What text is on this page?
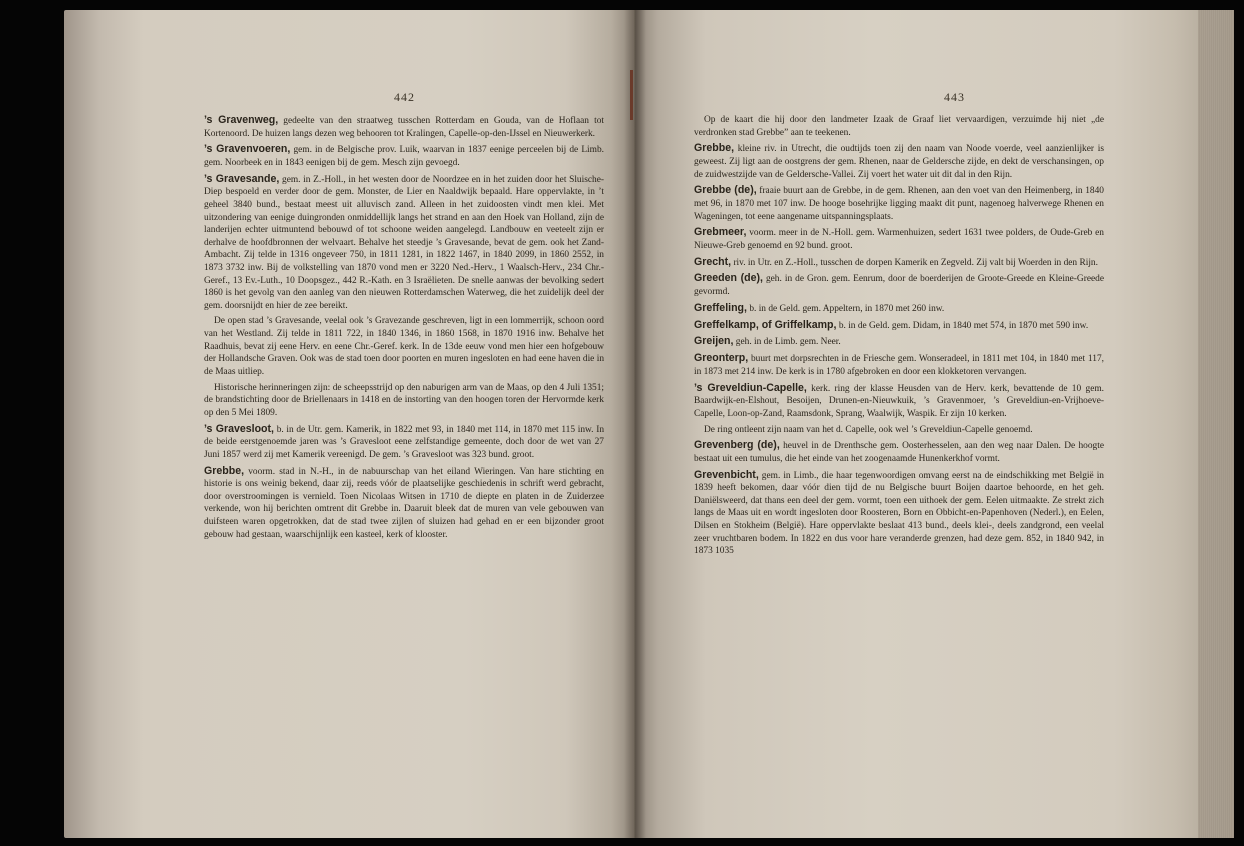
442

’s Gravenweg, gedeelte van den straatweg tusschen Rotterdam en Gouda, van de Hoflaan tot Kortenoord. De huizen langs dezen weg behooren tot Kralingen, Capelle-op-den-IJssel en Nieuwerkerk.

’s Gravenvoeren, gem. in de Belgische prov. Luik, waarvan in 1837 eenige perceelen bij de Limb. gem. Noorbeek en in 1843 eenigen bij de gem. Mesch zijn gevoegd.

’s Gravesande, gem. in Z.-Holl., in het westen door de Noordzee en in het zuiden door het Sluische-Diep bespoeld en verder door de gem. Monster, de Lier en Naaldwijk bepaald. Hare oppervlakte, in ’t geheel 3840 bund., bestaat meest uit alluvisch zand. Alleen in het zuidoosten vindt men klei. Met uitzondering van eenige duingronden onmiddellijk langs het strand en aan den Hoek van Holland, zijn de landerijen echter uitmuntend bebouwd of tot schoone weiden aangelegd. Landbouw en veeteelt zijn er derhalve de hoofdbronnen der welvaart. Behalve het steedje ’s Gravesande, bevat de gem. ook het Zand-Ambacht. Zij telde in 1316 ongeveer 750, in 1811 1281, in 1822 1467, in 1840 2099, in 1860 2552, in 1873 3732 inw. Bij de volkstelling van 1870 vond men er 3220 Ned.-Herv., 1 Waalsch-Herv., 234 Chr.-Geref., 13 Ev.-Luth., 10 Doopsgez., 442 R.-Kath. en 3 Israëlieten. De snelle aanwas der bevolking sedert 1860 is het gevolg van den aanleg van den nieuwen Rotterdamschen Waterweg, die het zuidelijk deel der gem. doorsnijdt en hier de zee bereikt.

De open stad ’s Gravesande, veelal ook ’s Gravezande geschreven, ligt in een lommerrijk, schoon oord van het Westland. Zij telde in 1811 722, in 1840 1346, in 1860 1568, in 1870 1916 inw. Behalve het Raadhuis, bevat zij eene Herv. en eene Chr.-Geref. kerk. In de 13de eeuw vond men hier een hofgebouw der Hollandsche Graven. Ook was de stad toen door poorten en muren ingesloten en had eene haven die in de Maas uitliep.

Historische herinneringen zijn: de scheepsstrijd op den naburigen arm van de Maas, op den 4 Juli 1351; de brandstichting door de Briellenaars in 1418 en de instorting van den hoogen toren der Hervormde kerk op den 5 Mei 1809.

’s Gravesloot, b. in de Utr. gem. Kamerik, in 1822 met 93, in 1840 met 114, in 1870 met 115 inw. In de beide eerstgenoemde jaren was ’s Gravesloot eene zelfstandige gemeente, doch door de wet van 27 Juni 1857 werd zij met Kamerik vereenigd. De gem. ’s Gravesloot was 323 bund. groot.

Grebbe, voorm. stad in N.-H., in de nabuurschap van het eiland Wieringen. Van hare stichting en historie is ons weinig bekend, daar zij, reeds vóór de plaatselijke geschiedenis in schrift werd gebracht, door overstroomingen is vernield. Toen Nicolaas Witsen in 1710 de diepte en platen in de Zuiderzee verkende, won hij berichten omtrent dit Grebbe in. Daaruit bleek dat de muren van vele gebouwen van duifsteen waren opgetrokken, dat de stad twee zijlen of sluizen had gehad en er een bijzonder groot gebouw had gestaan, waarschijnlijk een kasteel, kerk of klooster.

443

Op de kaart die hij door den landmeter Izaak de Graaf liet vervaardigen, verzuimde hij niet „de verdronken stad Grebbe” aan te teekenen.

Grebbe, kleine riv. in Utrecht, die oudtijds toen zij den naam van Noode voerde, veel aanzienlijker is geweest. Zij ligt aan de oostgrens der gem. Rhenen, naar de Geldersche zijde, en dekt de verschansingen, op de zuidwestzijde van de Geldersche-Vallei. Zij voert het water uit dit dal in den Rijn.

Grebbe (de), fraaie buurt aan de Grebbe, in de gem. Rhenen, aan den voet van den Heimenberg, in 1840 met 96, in 1870 met 107 inw. De hooge bosehrijke ligging maakt dit punt, nagenoeg halverwege Rhenen en Wageningen, tot eene aangename uitspanningsplaats.

Grebmeer, voorm. meer in de N.-Holl. gem. Warmenhuizen, sedert 1631 twee polders, de Oude-Greb en Nieuwe-Greb genoemd en 92 bund. groot.

Grecht, riv. in Utr. en Z.-Holl., tusschen de dorpen Kamerik en Zegveld. Zij valt bij Woerden in den Rijn.

Greeden (de), geh. in de Gron. gem. Eenrum, door de boerderijen de Groote-Greede en Kleine-Greede gevormd.

Greffeling, b. in de Geld. gem. Appeltern, in 1870 met 260 inw.

Greffelkamp, of Griffelkamp, b. in de Geld. gem. Didam, in 1840 met 574, in 1870 met 590 inw.

Greijen, geh. in de Limb. gem. Neer.

Greonterp, buurt met dorpsrechten in de Friesche gem. Wonseradeel, in 1811 met 104, in 1840 met 117, in 1873 met 214 inw. De kerk is in 1780 afgebroken en door een klokketoren vervangen.

’s Greveldiun-Capelle, kerk. ring der klasse Heusden van de Herv. kerk, bevattende de 10 gem. Baardwijk-en-Elshout, Besoijen, Drunen-en-Nieuwkuik, ’s Gravenmoer, ’s Greveldiun-en-Vrijhoeve-Capelle, Loon-op-Zand, Raamsdonk, Sprang, Waalwijk, Waspik. Er zijn 10 kerken.

De ring ontleent zijn naam van het d. Capelle, ook wel ’s Greveldiun-Capelle genoemd.

Grevenberg (de), heuvel in de Drenthsche gem. Oosterhesselen, aan den weg naar Dalen. De hoogte bestaat uit een tumulus, die het einde van het zoogenaamde Hunenkerkhof vormt.

Grevenbicht, gem. in Limb., die haar tegenwoordigen omvang eerst na de eindschikking met België in 1839 heeft bekomen, daar vóór dien tijd de nu Belgische buurt Boijen daartoe behoorde, en het geh. Daniëlsweerd, dat thans een deel der gem. vormt, toen een uithoek der gem. Eelen uitmaakte. Ze strekt zich langs de Maas uit en wordt ingesloten door Roosteren, Born en Obbicht-en-Papenhoven (Nederl.), en Eelen, Dilsen en Stokheim (België). Hare oppervlakte beslaat 413 bund., deels klei-, deels zandgrond, een veelal zeer vruchtbaren bodem. In 1822 en dus voor hare veranderde grenzen, had deze gem. 852, in 1840 942, in 1873 1035
